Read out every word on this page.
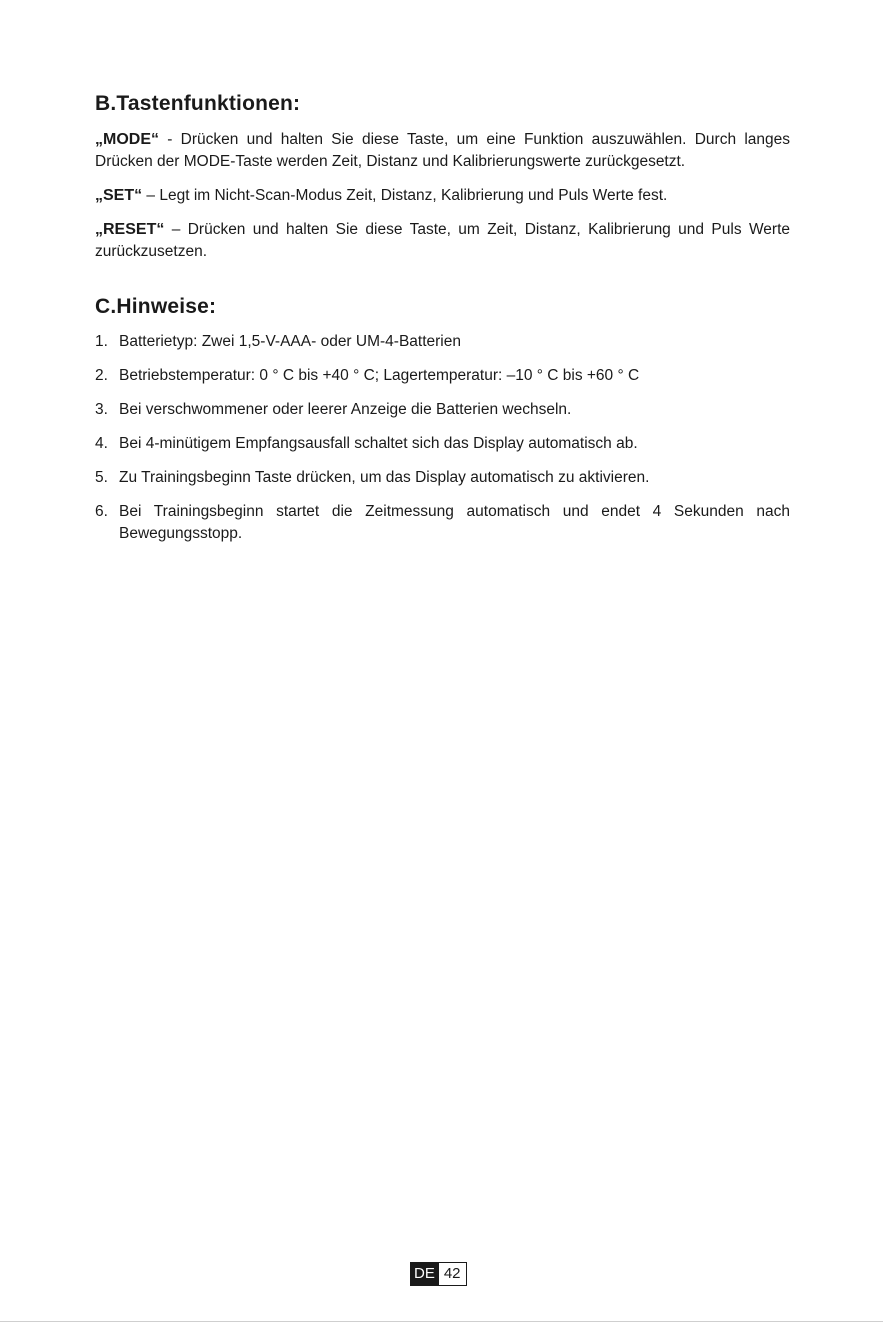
B.Tastenfunktionen:

„MODE“ - Drücken und halten Sie diese Taste, um eine Funktion auszuwählen. Durch langes Drücken der MODE-Taste werden Zeit, Distanz und Kalibrierungswerte zurückgesetzt.

„SET“ – Legt im Nicht-Scan-Modus Zeit, Distanz, Kalibrierung und Puls Werte fest.

„RESET“ – Drücken und halten Sie diese Taste, um Zeit, Distanz, Kalibrierung und Puls Werte zurückzusetzen.

C.Hinweise:
1. Batterietyp: Zwei 1,5-V-AAA- oder UM-4-Batterien
2. Betriebstemperatur: 0 ° C bis +40 ° C; Lagertemperatur: –10 ° C bis +60 ° C
3. Bei verschwommener oder leerer Anzeige die Batterien wechseln.
4. Bei 4-minütigem Empfangsausfall schaltet sich das Display automatisch ab.
5. Zu Trainingsbeginn Taste drücken, um das Display automatisch zu aktivieren.
6. Bei Trainingsbeginn startet die Zeitmessung automatisch und endet 4 Sekunden nach Bewegungsstopp.
DE 42
